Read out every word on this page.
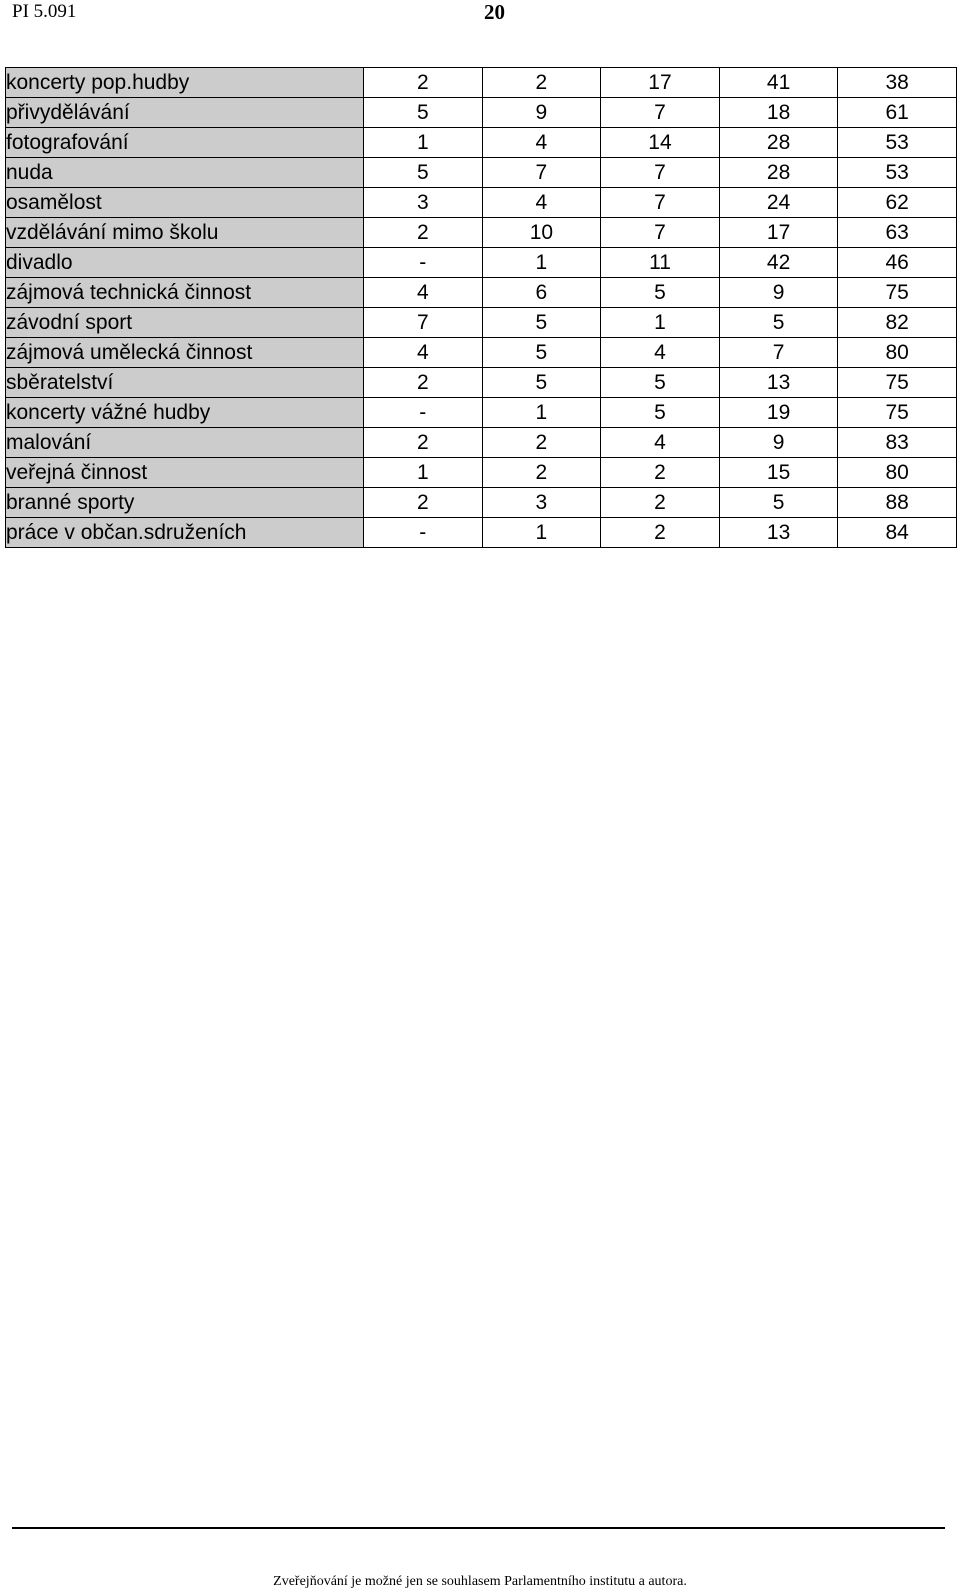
PI 5.091	20
koncerty pop.hudby	2	2	17	41	38
přivydělávání	5	9	7	18	61
fotografování	1	4	14	28	53
nuda	5	7	7	28	53
osamělost	3	4	7	24	62
vzdělávání mimo školu	2	10	7	17	63
divadlo	-	1	11	42	46
zájmová technická činnost	4	6	5	9	75
závodní sport	7	5	1	5	82
zájmová umělecká činnost	4	5	4	7	80
sběratelství	2	5	5	13	75
koncerty vážné hudby	-	1	5	19	75
malování	2	2	4	9	83
veřejná činnost	1	2	2	15	80
branné sporty	2	3	2	5	88
práce v občan.sdruženích	-	1	2	13	84
Zveřejňování je možné jen se souhlasem Parlamentního institutu a autora.
